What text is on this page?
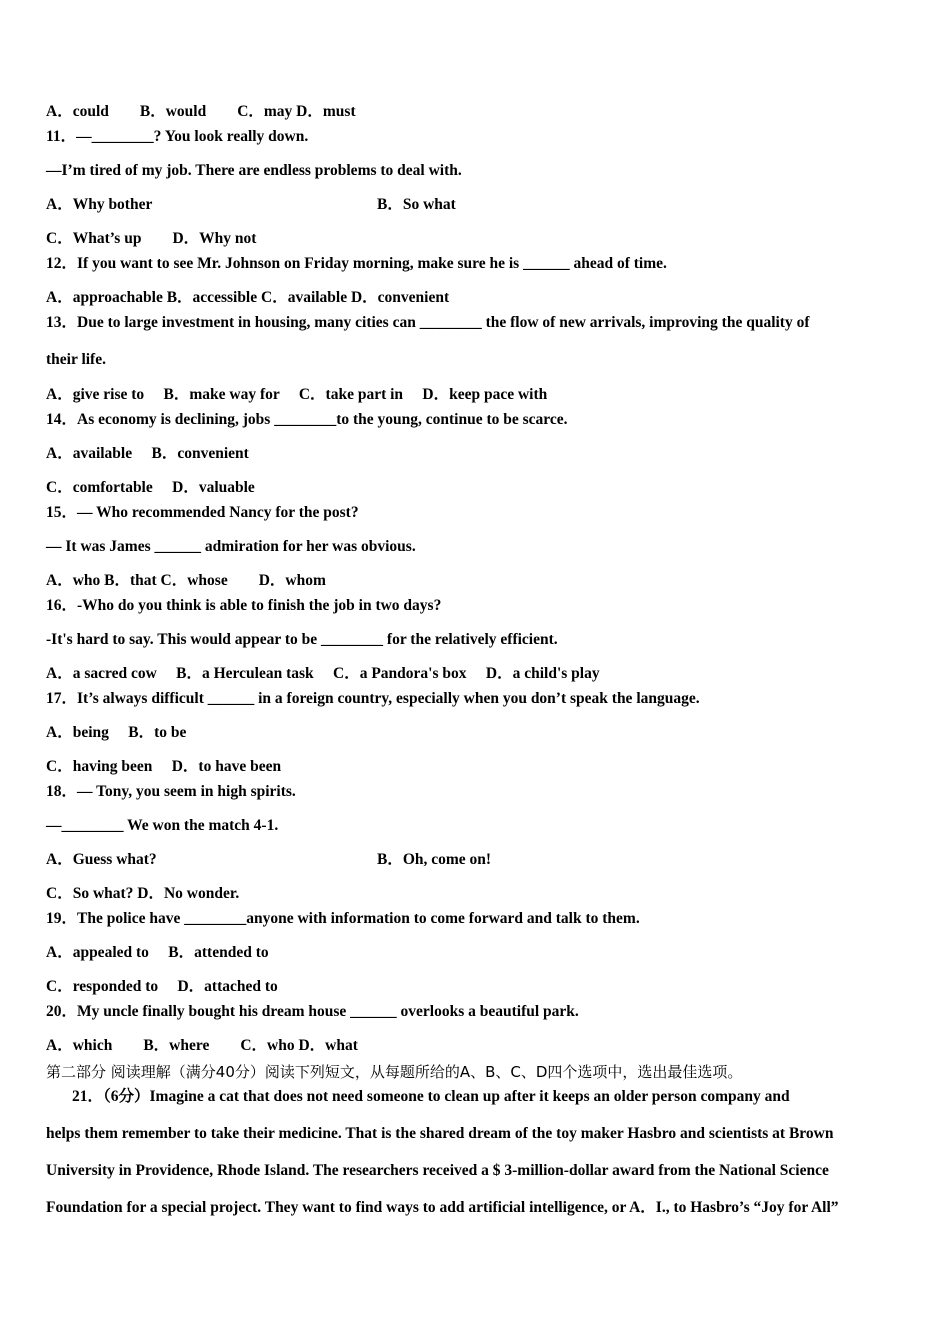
A．could　　B．would　　C．may D．must
11．—________? You look really down.
—I’m tired of my job. There are endless problems to deal with.
A．Why bother	B．So what
C．What’s up　　D．Why not
12．If you want to see Mr. Johnson on Friday morning, make sure he is ______ ahead of time.
A．approachable B．accessible C．available D．convenient
13．Due to large investment in housing, many cities can ________ the flow of new arrivals, improving the quality of
their life.
A．give rise to　 B．make way for　 C．take part in　 D．keep pace with
14．As economy is declining, jobs ________to the young, continue to be scarce.
A．available　 B．convenient
C．comfortable　 D．valuable
15．— Who recommended Nancy for the post?
— It was James ______ admiration for her was obvious.
A．who B．that C．whose　　D．whom
16．-Who do you think is able to finish the job in two days?
-It's hard to say. This would appear to be ________ for the relatively efficient.
A．a sacred cow　 B．a Herculean task　 C．a Pandora's box　 D．a child's play
17．It’s always difficult ______ in a foreign country, especially when you don’t speak the language.
A．being　 B．to be
C．having been　 D．to have been
18．— Tony, you seem in high spirits.
—________ We won the match 4-1.
A．Guess what?	B．Oh, come on!
C．So what? D．No wonder.
19．The police have ________anyone with information to come forward and talk to them.
A．appealed to　 B．attended to
C．responded to　 D．attached to
20．My uncle finally bought his dream house ______ overlooks a beautiful park.
A．which　　B．where　　C．who D．what
第二部分 阅读理解（满分40分）阅读下列短文，从每题所给的A、B、C、D四个选项中，选出最佳选项。
21．（6分）Imagine a cat that does not need someone to clean up after it keeps an older person company and
helps them remember to take their medicine. That is the shared dream of the toy maker Hasbro and scientists at Brown
University in Providence, Rhode Island. The researchers received a $ 3-million-dollar award from the National Science
Foundation for a special project. They want to find ways to add artificial intelligence, or A．I., to Hasbro’s “Joy for All”
